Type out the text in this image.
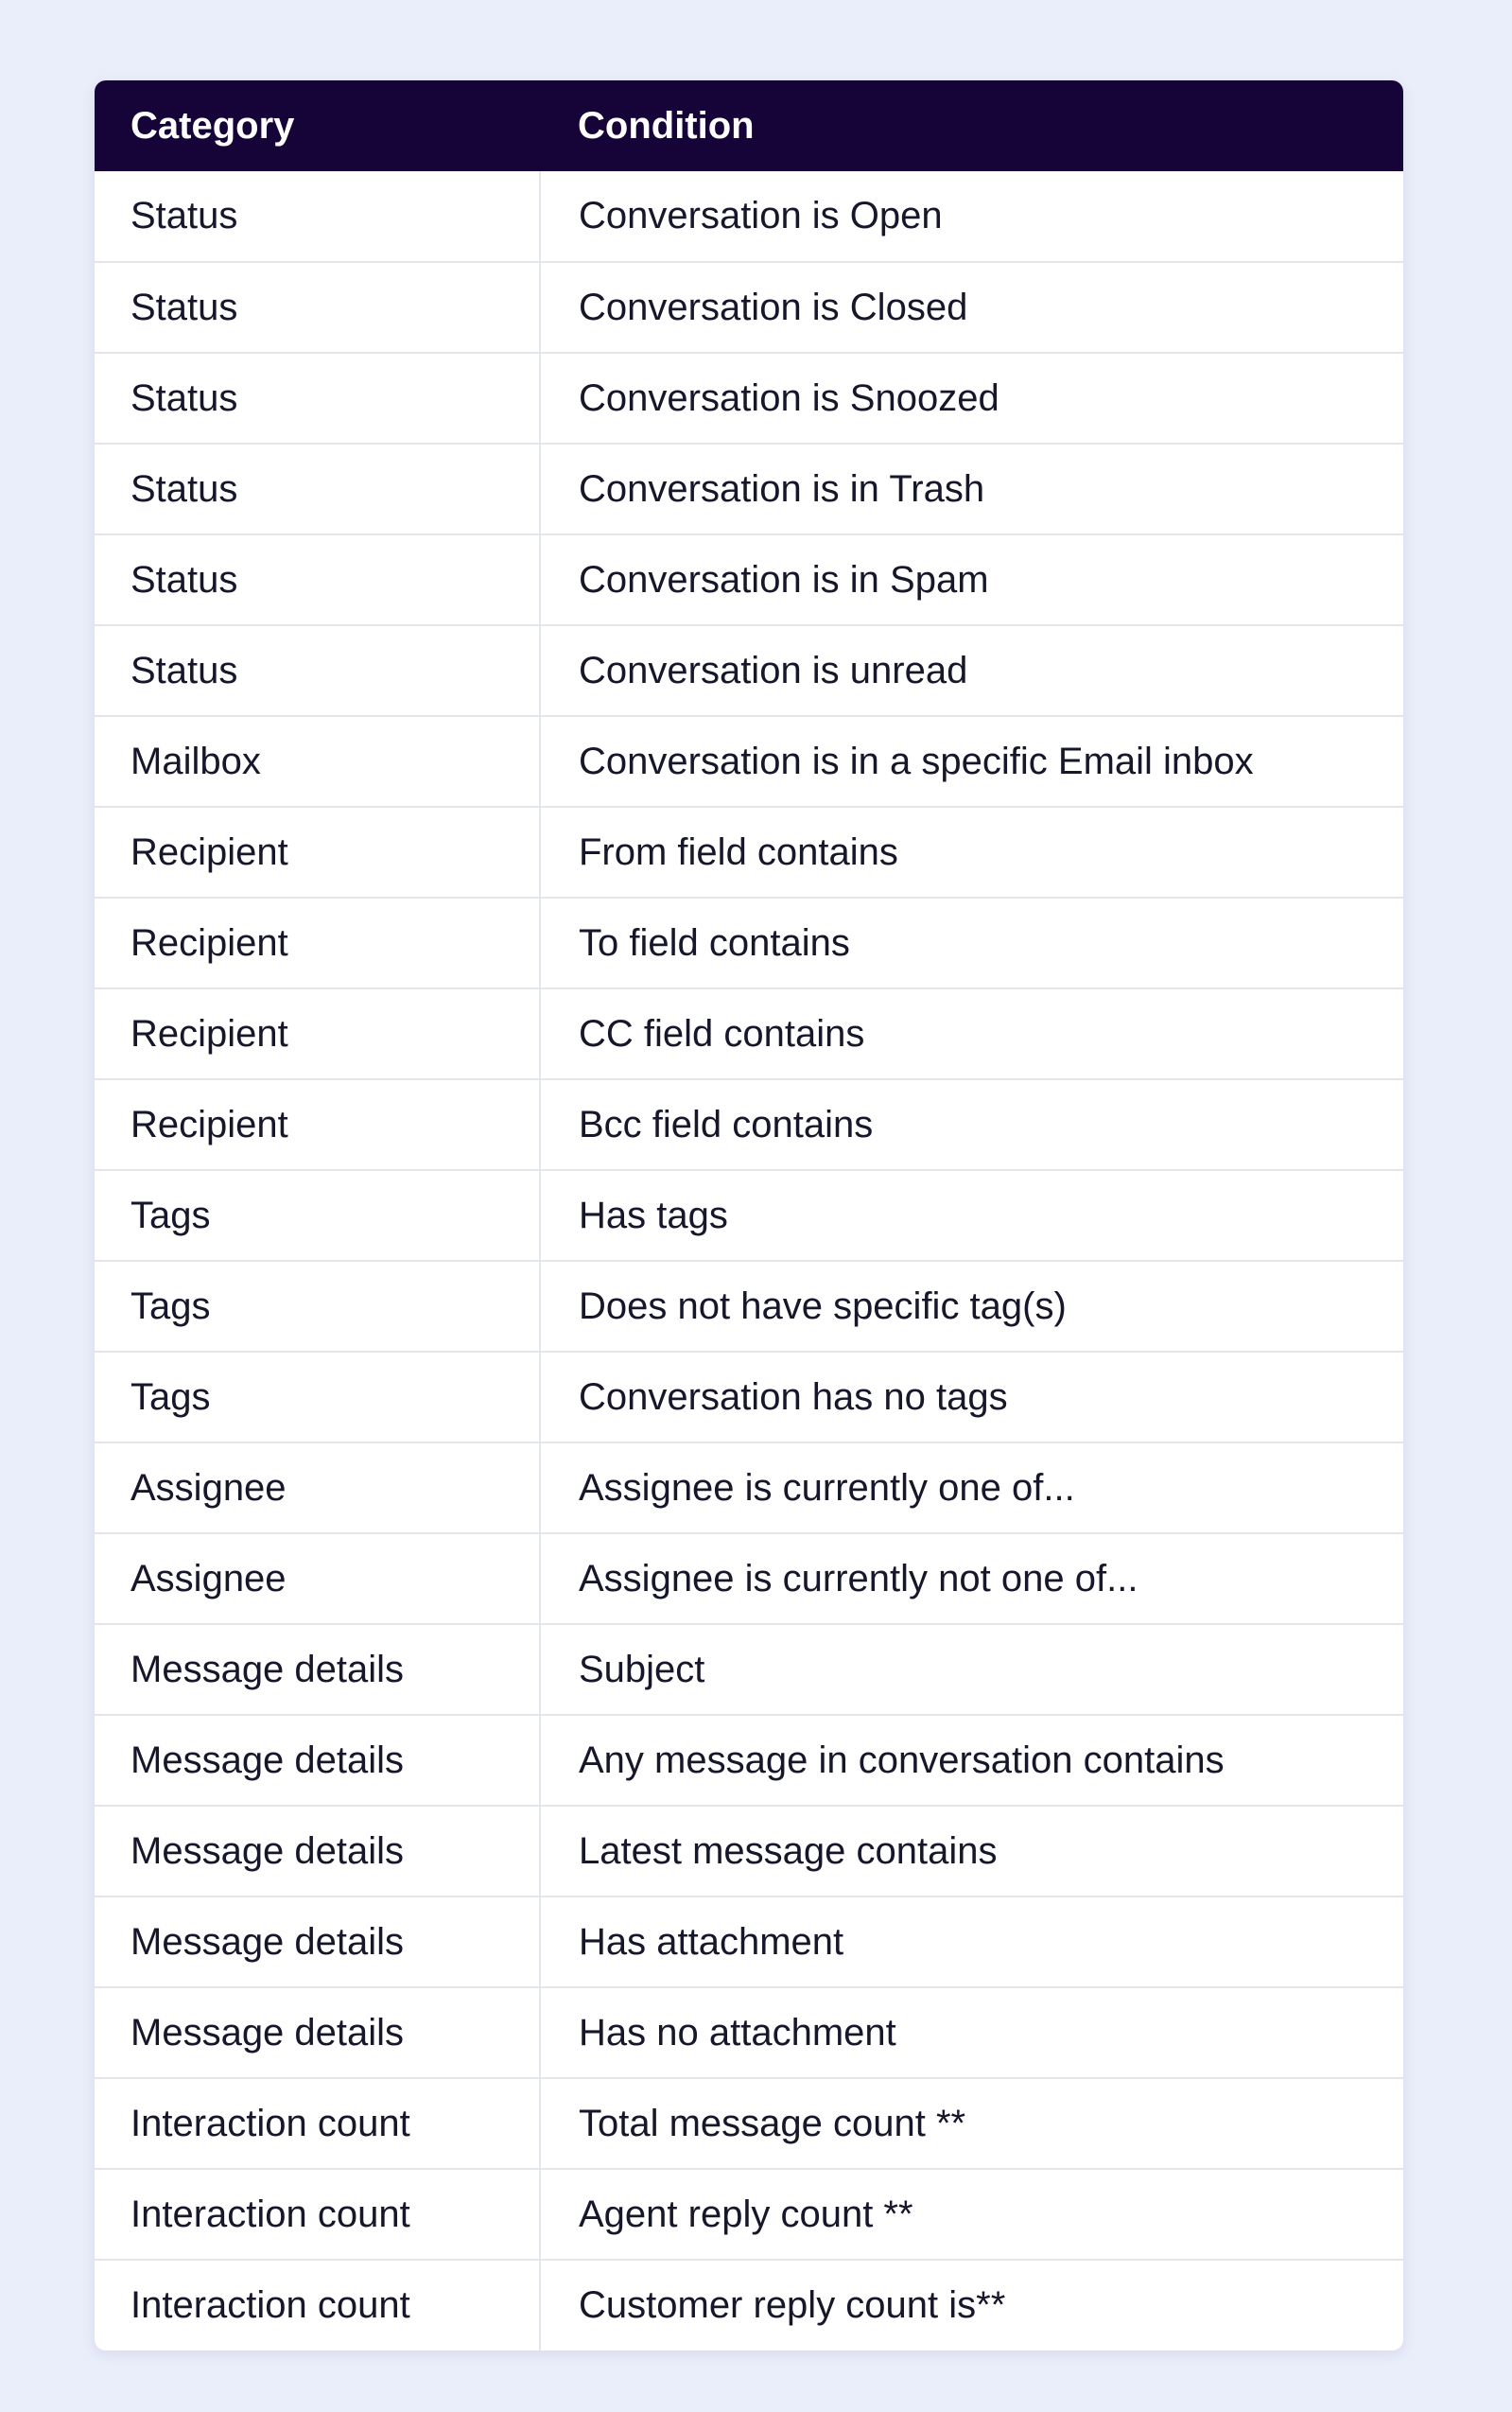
Category	Condition
Status	Conversation is Open
Status	Conversation is Closed
Status	Conversation is Snoozed
Status	Conversation is in Trash
Status	Conversation is in Spam
Status	Conversation is unread
Mailbox	Conversation is in a specific Email inbox
Recipient	From field contains
Recipient	To field contains
Recipient	CC field contains
Recipient	Bcc field contains
Tags	Has tags
Tags	Does not have specific tag(s)
Tags	Conversation has no tags
Assignee	Assignee is currently one of...
Assignee	Assignee is currently not one of...
Message details	Subject
Message details	Any message in conversation contains
Message details	Latest message contains
Message details	Has attachment
Message details	Has no attachment
Interaction count	Total message count **
Interaction count	Agent reply count **
Interaction count	Customer reply count is**
